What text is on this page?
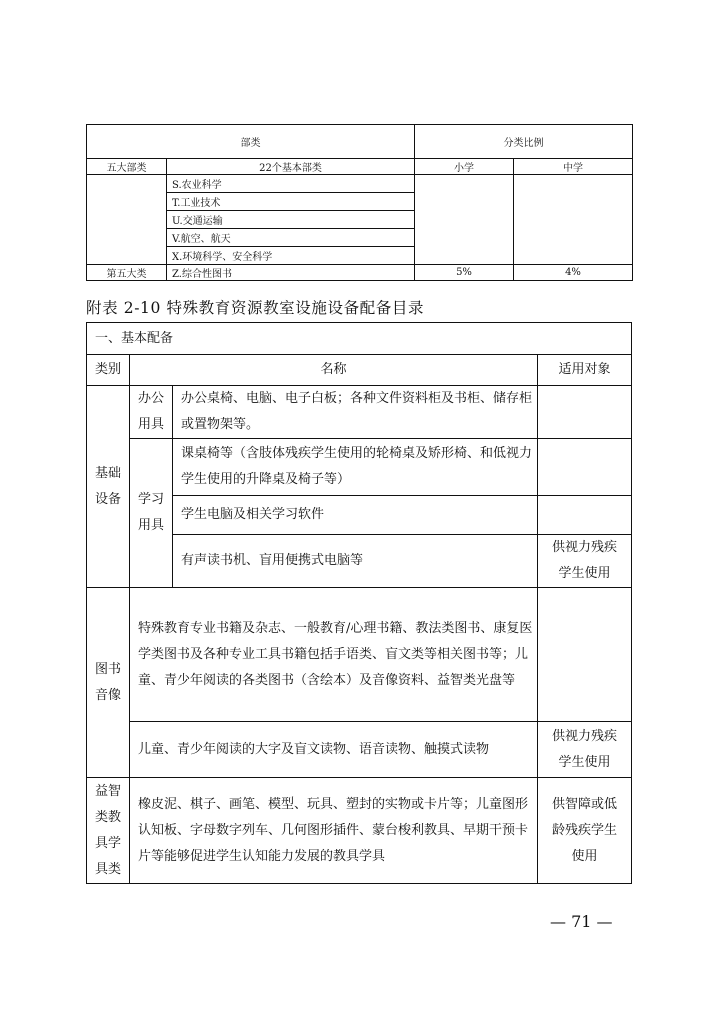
部类		分类比例	
五大部类	22个基本部类	小学	中学
	S.农业科学		
	T.工业技术		
	U.交通运输		
	V.航空、航天		
	X.环境科学、安全科学		
第五大类	Z.综合性图书	5%	4%
附表 2-10 特殊教育资源教室设施设备配备目录
一、基本配备			
类别	名称		适用对象

基础设备	办公用具	办公桌椅、电脑、电子白板；各种文件资料柜及书柜、储存柜或置物架等。	

	学习用具	课桌椅等（含肢体残疾学生使用的轮椅桌及矫形椅、和低视力学生使用的升降桌及椅子等）	
		学生电脑及相关学习软件	
		有声读书机、盲用便携式电脑等	供视力残疾学生使用

图书音像	特殊教育专业书籍及杂志、一般教育/心理书籍、教法类图书、康复医学类图书及各种专业工具书籍包括手语类、盲文类等相关图书等；儿童、青少年阅读的各类图书（含绘本）及音像资料、益智类光盘等		
	儿童、青少年阅读的大字及盲文读物、语音读物、触摸式读物		供视力残疾学生使用

益智类教具学具类	橡皮泥、棋子、画笔、模型、玩具、塑封的实物或卡片等；儿童图形认知板、字母数字列车、几何图形插件、蒙台梭利教具、早期干预卡片等能够促进学生认知能力发展的教具学具		供智障或低龄残疾学生使用
— 71 —
